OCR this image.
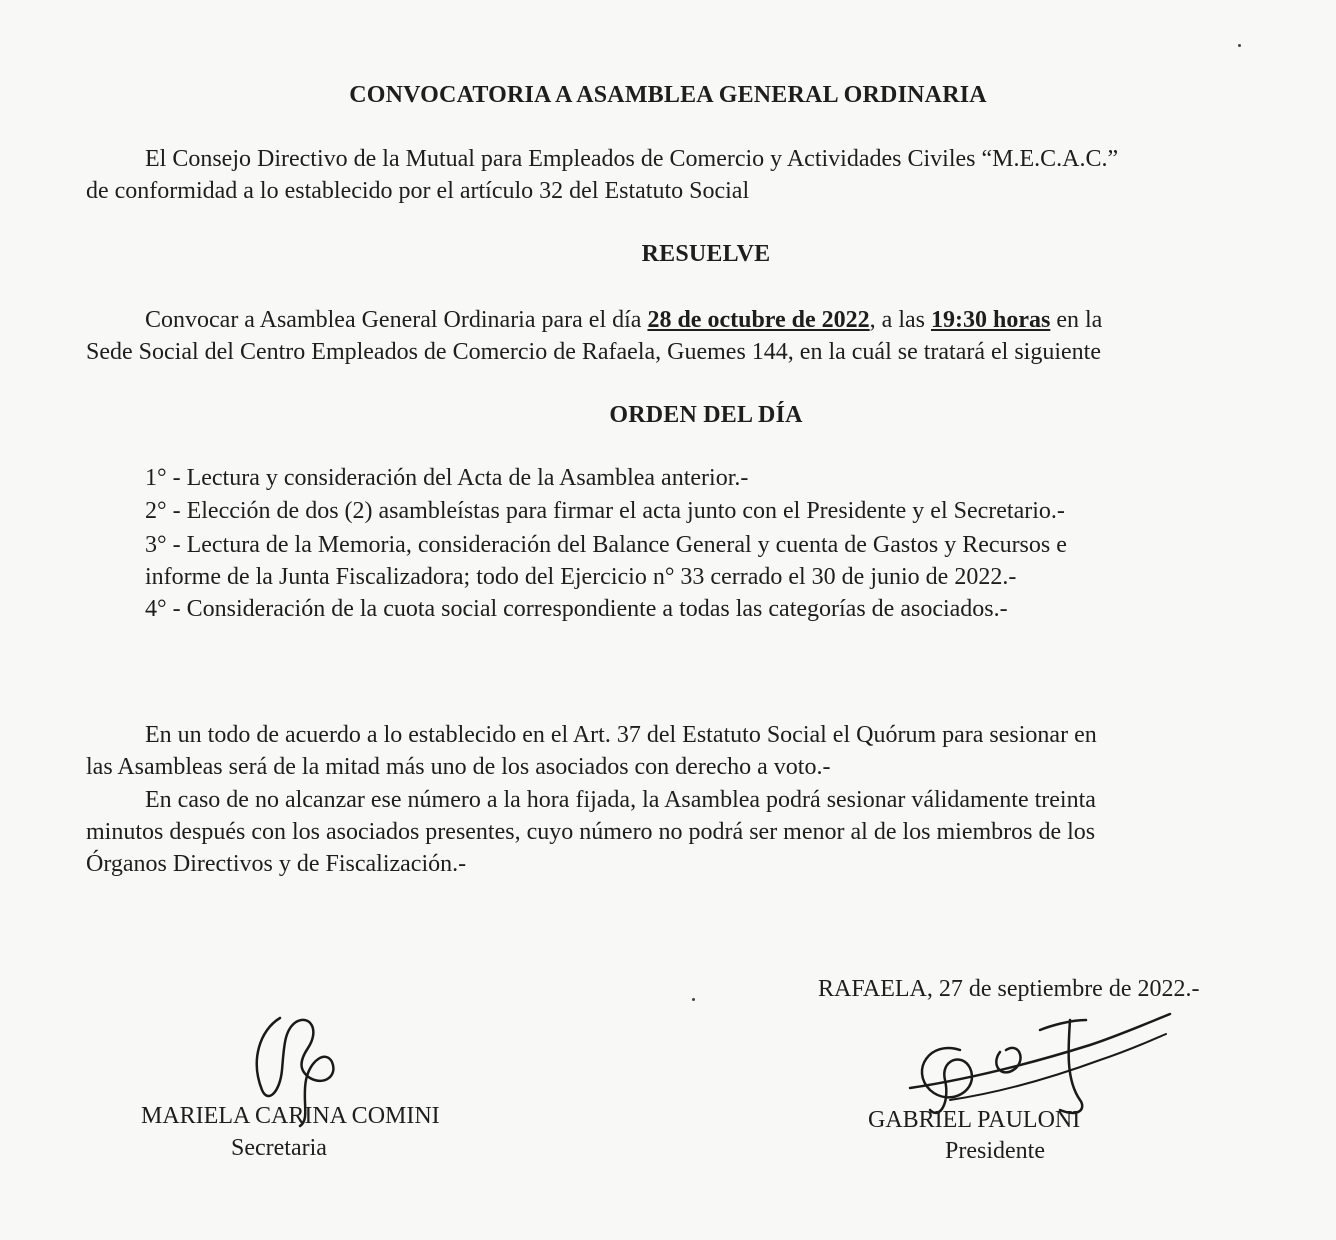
CONVOCATORIA A ASAMBLEA GENERAL ORDINARIA
El Consejo Directivo de la Mutual para Empleados de Comercio y Actividades Civiles “M.E.C.A.C.”
de conformidad a lo establecido por el artículo 32 del Estatuto Social
RESUELVE
Convocar a Asamblea General Ordinaria para el día 28 de octubre de 2022, a las 19:30 horas en la
Sede Social del Centro Empleados de Comercio de Rafaela, Guemes 144, en la cuál se tratará el siguiente
ORDEN DEL DÍA
1° - Lectura y consideración del Acta de la Asamblea anterior.-
2° - Elección de dos (2) asambleístas para firmar el acta junto con el Presidente y el Secretario.-
3° - Lectura de la Memoria, consideración del Balance General y cuenta de Gastos y Recursos e
informe de la Junta Fiscalizadora; todo del Ejercicio n° 33 cerrado el 30 de junio de 2022.-
4° - Consideración de la cuota social correspondiente a todas las categorías de asociados.-
En un todo de acuerdo a lo establecido en el Art. 37 del Estatuto Social el Quórum para sesionar en
las Asambleas será de la mitad más uno de los asociados con derecho a voto.-
En caso de no alcanzar ese número a la hora fijada, la Asamblea podrá sesionar válidamente treinta
minutos después con los asociados presentes, cuyo número no podrá ser menor al de los miembros de los
Órganos Directivos y de Fiscalización.-
RAFAELA, 27 de septiembre de 2022.-
MARIELA CARINA COMINI
Secretaria
GABRIEL PAULONI
Presidente
